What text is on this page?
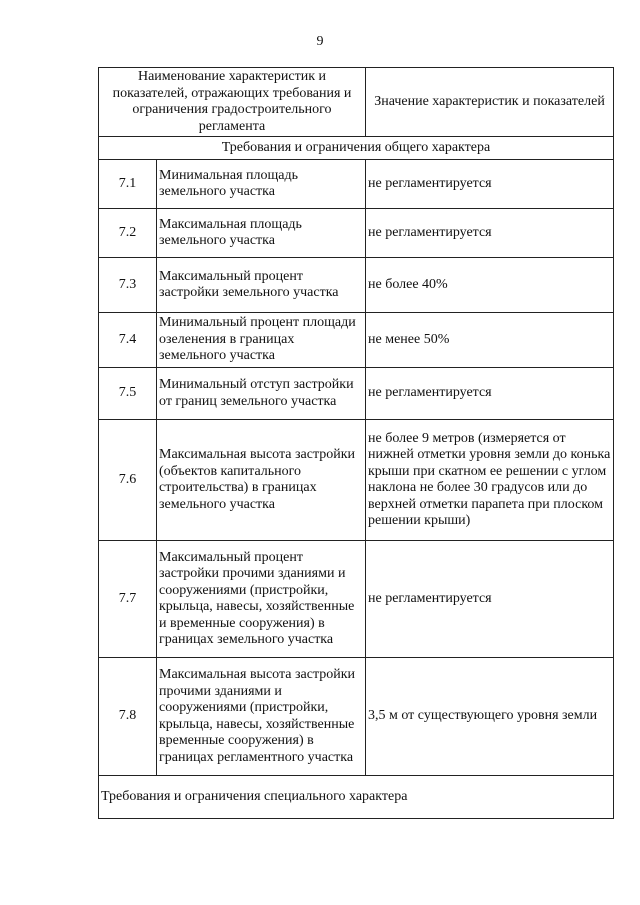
9
Наименование характеристик и показателей, отражающих требования и ограничения градостроительного регламента		Значение характеристик и показателей
Требования и ограничения общего характера		
7.1	Минимальная площадь земельного участка	не регламентируется
7.2	Максимальная площадь земельного участка	не регламентируется
7.3	Максимальный процент застройки земельного участка	не более 40%
7.4	Минимальный процент площади озеленения в границах земельного участка	не менее 50%
7.5	Минимальный отступ застройки от границ земельного участка	не регламентируется
7.6	Максимальная высота застройки (объектов капитального строительства) в границах земельного участка	не более 9 метров (измеряется от нижней отметки уровня земли до конька крыши при скатном ее решении с углом наклона не более 30 градусов или до верхней отметки парапета при плоском решении крыши)
7.7	Максимальный процент застройки прочими зданиями и сооружениями (пристройки, крыльца, навесы, хозяйственные и временные сооружения) в границах земельного участка	не регламентируется
7.8	Максимальная высота застройки прочими зданиями и сооружениями (пристройки, крыльца, навесы, хозяйственные временные сооружения) в границах регламентного участка	3,5 м от существующего уровня земли
Требования и ограничения специального характера		
